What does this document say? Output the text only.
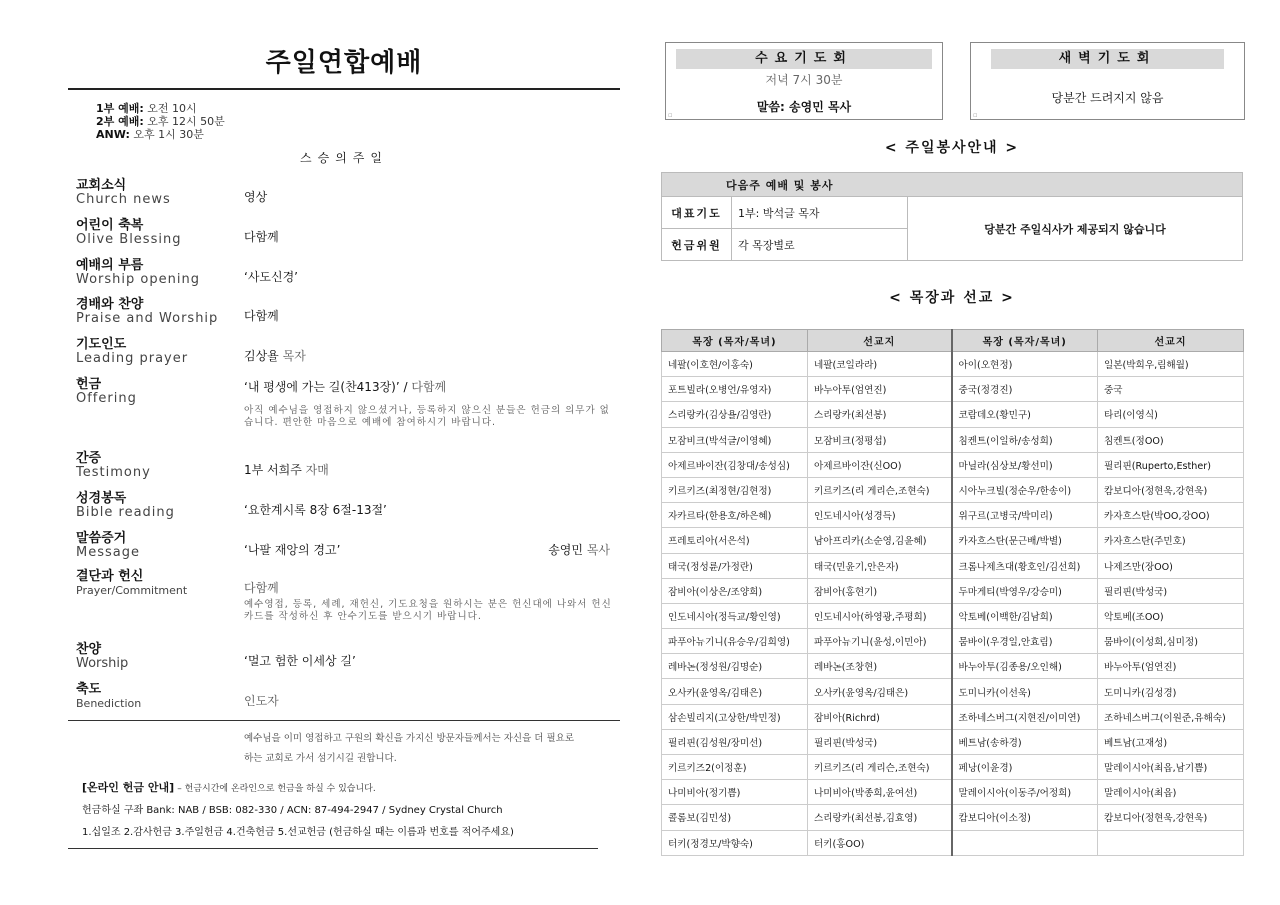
주일연합예배
1부 예배: 오전 10시
2부 예배: 오후 12시 50분
ANW: 오후 1시 30분
스승의주일
교회소식
Church news	영상
어린이 축복
Olive Blessing	다함께
예배의 부름
Worship opening	‘사도신경’
경배와 찬양
Praise and Worship	다함께
기도인도
Leading prayer	김상욜 목자
헌금
Offering
‘내 평생에 가는 길(찬413장)’ / 다함께
아직 예수님을 영접하지 않으셨거나, 등록하지 않으신 분들은 헌금의 의무가 없습니다. 편안한 마음으로 예배에 참여하시기 바랍니다.
간증
Testimony	1부 서희주 자매
성경봉독
Bible reading	‘요한계시록 8장 6절-13절’
말씀증거
Message	‘나팔 재앙의 경고’	송영민 목사
결단과 헌신
Prayer/Commitment	다함께
예수영접, 등록, 세례, 재헌신, 기도요청을 원하시는 분은 헌신대에 나와서 헌신카드를 작성하신 후 안수기도를 받으시기 바랍니다.
찬양
Worship	‘멀고 험한 이세상 길’
축도
Benediction	인도자
예수님을 이미 영접하고 구원의 확신을 가지신 방문자들께서는 자신을 더 필요로
하는 교회로 가서 섬기시길 권합니다.
[온라인 헌금 안내] – 헌금시간에 온라인으로 헌금을 하실 수 있습니다.
헌금하실 구좌 Bank: NAB / BSB: 082-330 / ACN: 87-494-2947 / Sydney Crystal Church
1.십일조 2.감사헌금 3.주일헌금 4.건축헌금 5.선교헌금 (헌금하실 때는 이름과 번호를 적어주세요)
수요기도회
저녁 7시 30분
말씀: 송영민 목사
▫
새벽기도회
당분간 드려지지 않음
▫
< 주일봉사안내 >
다음주 예배 및 봉사		
대표기도	1부: 박석글 목자	당분간 주일식사가 제공되지 않습니다
헌금위원	각 목장별로	
< 목장과 선교 >
목장 (목자/목녀)	선교지	목장 (목자/목녀)	선교지
네팔(이호현/이홍숙)	네팔(코일라라)	아이(오현정)	일본(박희우,림해월)
포트빌라(오병언/유영자)	바누아투(엄연진)	중국(정경진)	중국
스리랑카(김상욜/김영란)	스리랑카(최선봉)	코람데오(황민구)	타리(이영식)
모잠비크(박석글/이영혜)	모잠비크(정평섭)	침켄트(이일하/송성희)	침켄트(정OO)
아제르바이잔(김창대/송성심)	아제르바이잔(신OO)	마닐라(심상보/황선미)	필리핀(Ruperto,Esther)
키르키즈(최정현/김현정)	키르키즈(리 게리슨,조현숙)	시아누크빌(정순우/한송이)	캄보디아(정현욱,강현욱)
자카르타(한용호/하은혜)	인도네시아(성경득)	위구르(고병국/박미리)	카자흐스탄(박OO,강OO)
프레토리아(서은석)	남아프리카(소순영,김윤혜)	카자흐스탄(문근배/박별)	카자흐스탄(주민호)
태국(정성륜/가정란)	태국(민윤기,안은자)	크롬나제츠대(황호인/김선희)	나제즈만(장OO)
잠비아(이상은/조양희)	잠비아(홍현기)	두마게티(박영우/강승미)	필리핀(박성국)
인도네시아(정득교/황인영)	인도네시아(하영광,주평희)	악토베(이백한/김남희)	악토베(조OO)
파푸아뉴기니(유승우/김희영)	파푸아뉴기니(윤성,이민아)	뭄바이(우경일,안효림)	뭄바이(이성희,심미정)
레바논(정성원/김명순)	레바논(조창현)	바누아투(김종용/오인해)	바누아투(엄연진)
오사카(윤영옥/김태은)	오사카(윤영옥/김태은)	도미니카(이선욱)	도미니카(김성경)
삼손빌리지(고상한/박민정)	잠비아(Richrd)	조하네스버그(지현진/이미연)	조하네스버그(이원준,유해숙)
필리핀(김성원/장미선)	필리핀(박성국)	베트남(송하경)	베트남(고재성)
키르키즈2(이정훈)	키르키즈(리 게리슨,조현숙)	페낭(이윤경)	말레이시아(최읍,남기쁨)
나미비아(정기쁨)	나미비아(박종희,윤여선)	말레이시아(이동주/어정희)	말레이시아(최읍)
콜롬보(김민성)	스리랑카(최선봉,김효영)	캄보디아(이소정)	캄보디아(정현욱,강현욱)
터키(정경모/박향숙)	터키(홍OO)		
